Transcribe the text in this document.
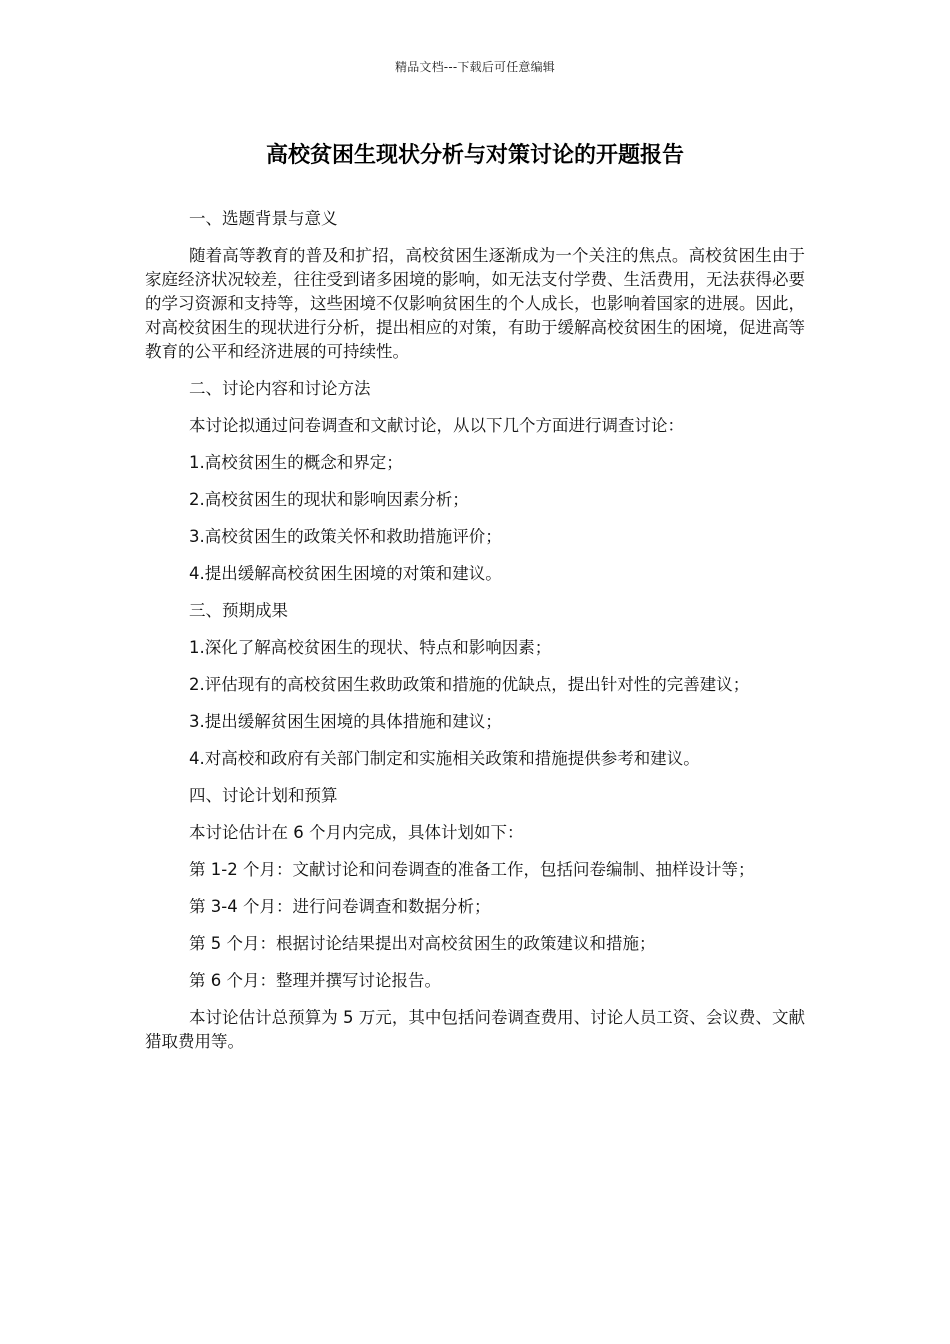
精品文档---下载后可任意编辑
高校贫困生现状分析与对策讨论的开题报告

一、选题背景与意义

随着高等教育的普及和扩招，高校贫困生逐渐成为一个关注的焦点。高校贫困生由于家庭经济状况较差，往往受到诸多困境的影响，如无法支付学费、生活费用，无法获得必要的学习资源和支持等，这些困境不仅影响贫困生的个人成长，也影响着国家的进展。因此，对高校贫困生的现状进行分析，提出相应的对策，有助于缓解高校贫困生的困境，促进高等教育的公平和经济进展的可持续性。

二、讨论内容和讨论方法

本讨论拟通过问卷调查和文献讨论，从以下几个方面进行调查讨论：

1.高校贫困生的概念和界定；

2.高校贫困生的现状和影响因素分析；

3.高校贫困生的政策关怀和救助措施评价；

4.提出缓解高校贫困生困境的对策和建议。

三、预期成果

1.深化了解高校贫困生的现状、特点和影响因素；

2.评估现有的高校贫困生救助政策和措施的优缺点，提出针对性的完善建议；

3.提出缓解贫困生困境的具体措施和建议；

4.对高校和政府有关部门制定和实施相关政策和措施提供参考和建议。

四、讨论计划和预算

本讨论估计在 6 个月内完成，具体计划如下：

第 1-2 个月：文献讨论和问卷调查的准备工作，包括问卷编制、抽样设计等；

第 3-4 个月：进行问卷调查和数据分析；

第 5 个月：根据讨论结果提出对高校贫困生的政策建议和措施；

第 6 个月：整理并撰写讨论报告。

本讨论估计总预算为 5 万元，其中包括问卷调查费用、讨论人员工资、会议费、文献猎取费用等。
